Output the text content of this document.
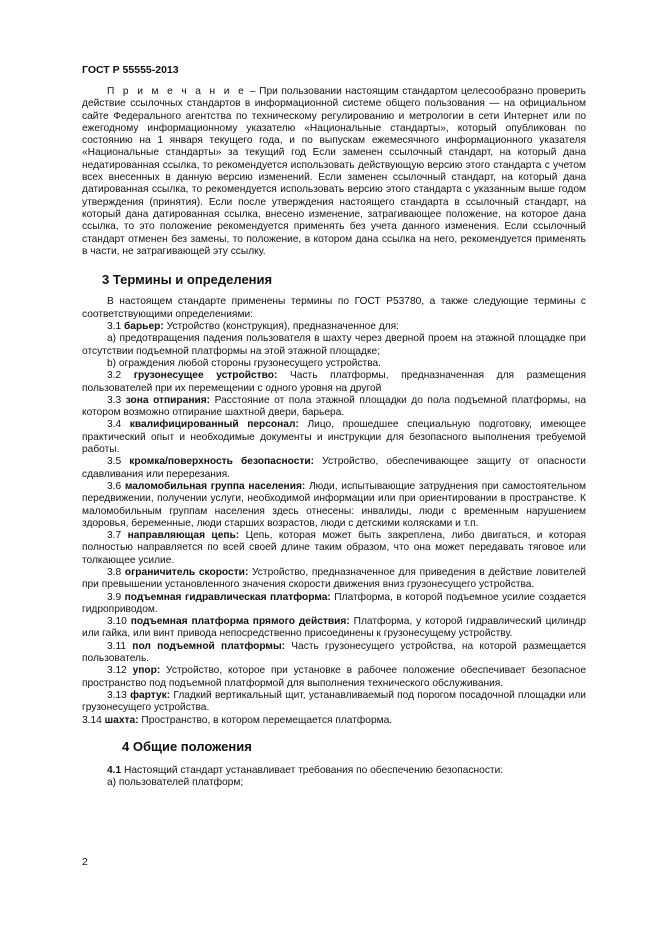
ГОСТ Р 55555-2013

П р и м е ч а н и е – При пользовании настоящим стандартом целесообразно проверить действие ссылочных стандартов в информационной системе общего пользования — на официальном сайте Федерального агентства по техническому регулированию и метрологии в сети Интернет или по ежегодному информационному указателю «Национальные стандарты», который опубликован по состоянию на 1 января текущего года, и по выпускам ежемесячного информационного указателя «Национальные стандарты» за текущий год Если заменен ссылочный стандарт, на который дана недатированная ссылка, то рекомендуется использовать действующую версию этого стандарта с учетом всех внесенных в данную версию изменений. Если заменен ссылочный стандарт, на который дана датированная ссылка, то рекомендуется использовать версию этого стандарта с указанным выше годом утверждения (принятия). Если после утверждения настоящего стандарта в ссылочный стандарт, на который дана датированная ссылка, внесено изменение, затрагивающее положение, на которое дана ссылка, то это положение рекомендуется применять без учета данного изменения. Если ссылочный стандарт отменен без замены, то положение, в котором дана ссылка на него, рекомендуется применять в части, не затрагивающей эту ссылку.

3 Термины и определения

В настоящем стандарте применены термины по ГОСТ Р53780, а также следующие термины с соответствующими определениями:

3.1 барьер: Устройство (конструкция), предназначенное для:

а) предотвращения падения пользователя в шахту через дверной проем на этажной площадке при отсутствии подъемной платформы на этой этажной площадке;

b) ограждения любой стороны грузонесущего устройства.

3.2 грузонесущее устройство: Часть платформы, предназначенная для размещения пользователей при их перемещении с одного уровня на другой

3.3 зона отпирания: Расстояние от пола этажной площадки до пола подъемной платформы, на котором возможно отпирание шахтной двери, барьера.

3.4 квалифицированный персонал: Лицо, прошедшее специальную подготовку, имеющее практический опыт и необходимые документы и инструкции для безопасного выполнения требуемой работы.

3.5 кромка/поверхность безопасности: Устройство, обеспечивающее защиту от опасности сдавливания или перерезания.

3.6 маломобильная группа населения: Люди, испытывающие затруднения при самостоятельном передвижении, получении услуги, необходимой информации или при ориентировании в пространстве. К маломобильным группам населения здесь отнесены: инвалиды, люди с временным нарушением здоровья, беременные, люди старших возрастов, люди с детскими колясками и т.п.

3.7 направляющая цепь: Цепь, которая может быть закреплена, либо двигаться, и которая полностью направляется по всей своей длине таким образом, что она может передавать тяговое или толкающее усилие.

3.8 ограничитель скорости: Устройство, предназначенное для приведения в действие ловителей при превышении установленного значения скорости движения вниз грузонесущего устройства.

3.9 подъемная гидравлическая платформа: Платформа, в которой подъемное усилие создается гидроприводом.

3.10 подъемная платформа прямого действия: Платформа, у которой гидравлический цилиндр или гайка, или винт привода непосредственно присоединены к грузонесущему устройству.

3.11 пол подъемной платформы: Часть грузонесущего устройства, на которой размещается пользователь.

3.12 упор: Устройство, которое при установке в рабочее положение обеспечивает безопасное пространство под подъемной платформой для выполнения технического обслуживания.

3.13 фартук: Гладкий вертикальный щит, устанавливаемый под порогом посадочной площадки или грузонесущего устройства.

3.14 шахта: Пространство, в котором перемещается платформа.

4 Общие положения

4.1 Настоящий стандарт устанавливает требования по обеспечению безопасности:

а) пользователей платформ;

2
